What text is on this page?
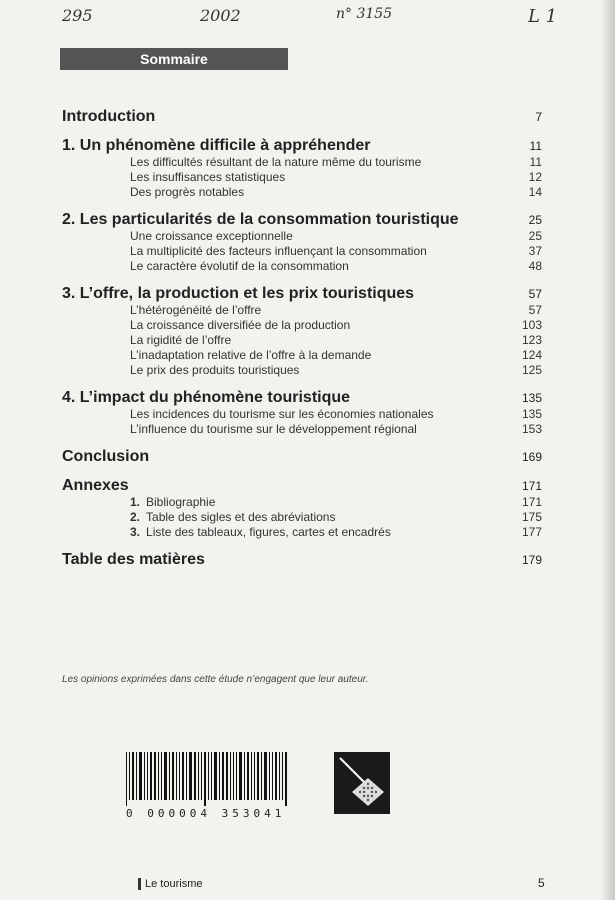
295	2002	n° 3155	L 1
Sommaire
Introduction	7
1. Un phénomène difficile à appréhender	11
Les difficultés résultant de la nature même du tourisme	11
Les insuffisances statistiques	12
Des progrès notables	14
2. Les particularités de la consommation touristique	25
Une croissance exceptionnelle	25
La multiplicité des facteurs influençant la consommation	37
Le caractère évolutif de la consommation	48
3. L’offre, la production et les prix touristiques	57
L’hétérogénéité de l’offre	57
La croissance diversifiée de la production	103
La rigidité de l’offre	123
L’inadaptation relative de l’offre à la demande	124
Le prix des produits touristiques	125
4. L’impact du phénomène touristique	135
Les incidences du tourisme sur les économies nationales	135
L’influence du tourisme sur le développement régional	153
Conclusion	169
Annexes	171
1. Bibliographie	171
2. Table des sigles et des abréviations	175
3. Liste des tableaux, figures, cartes et encadrés	177
Table des matières	179
Les opinions exprimées dans cette étude n’engagent que leur auteur.
0 000004 353041
Le tourisme	5
